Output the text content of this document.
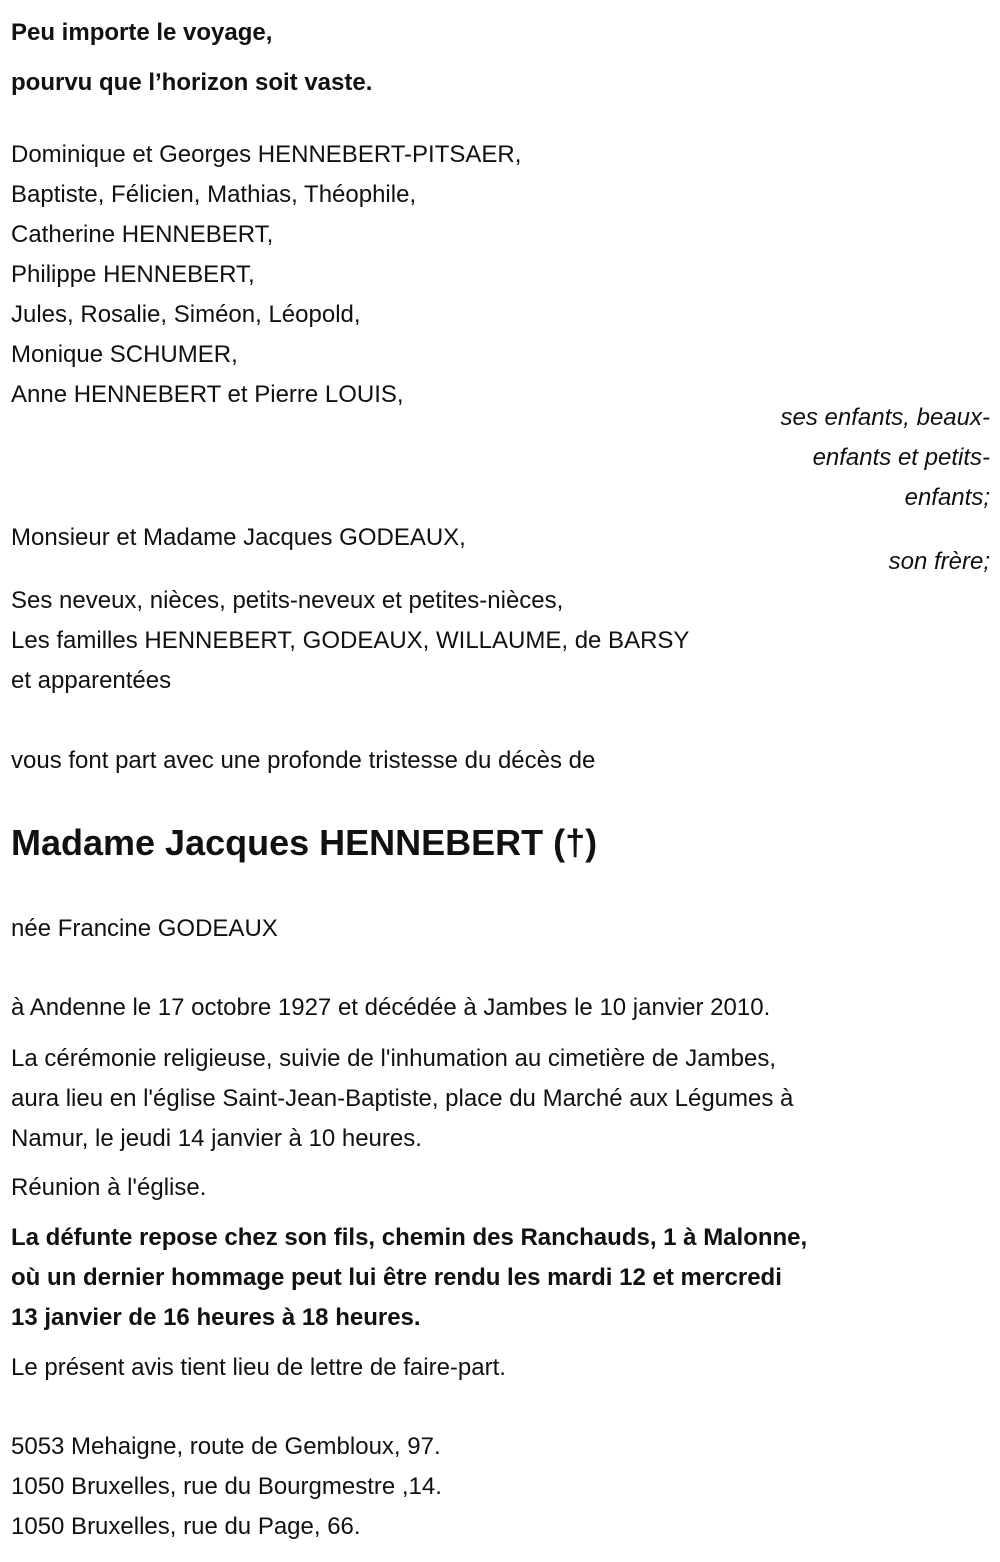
Peu importe le voyage,
pourvu que l’horizon soit vaste.
Dominique et Georges HENNEBERT-PITSAER,
Baptiste, Félicien, Mathias, Théophile,
Catherine HENNEBERT,
Philippe HENNEBERT,
Jules, Rosalie, Siméon, Léopold,
Monique SCHUMER,
Anne HENNEBERT et Pierre LOUIS,
ses enfants, beaux-
enfants et petits-
enfants;
Monsieur et Madame Jacques GODEAUX,
son frère;
Ses neveux, nièces, petits-neveux et petites-nièces,
Les familles HENNEBERT, GODEAUX, WILLAUME, de BARSY
et apparentées
vous font part avec une profonde tristesse du décès de
Madame Jacques HENNEBERT (†)
née Francine GODEAUX
à Andenne le 17 octobre 1927 et décédée à Jambes le 10 janvier 2010.
La cérémonie religieuse, suivie de l'inhumation au cimetière de Jambes,
aura lieu en l'église Saint-Jean-Baptiste, place du Marché aux Légumes à
Namur, le jeudi 14 janvier à 10 heures.
Réunion à l'église.
La défunte repose chez son fils, chemin des Ranchauds, 1 à Malonne,
où un dernier hommage peut lui être rendu les mardi 12 et mercredi
13 janvier de 16 heures à 18 heures.
Le présent avis tient lieu de lettre de faire-part.
5053 Mehaigne, route de Gembloux, 97.
1050 Bruxelles, rue du Bourgmestre ,14.
1050 Bruxelles, rue du Page, 66.
